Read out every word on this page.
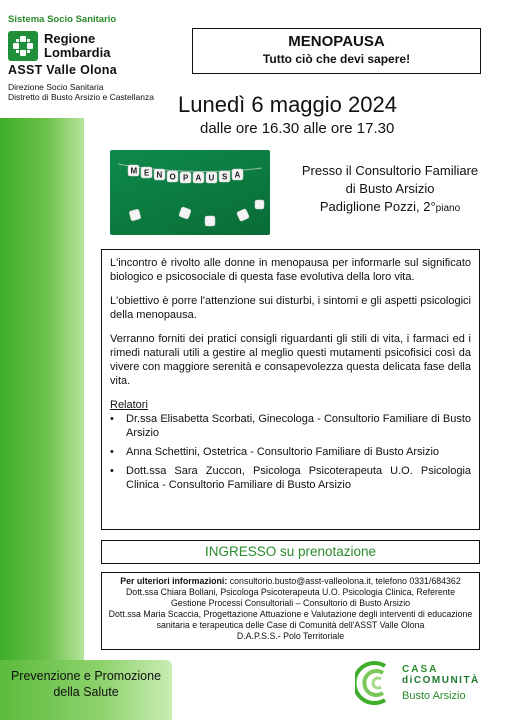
Sistema Socio Sanitario
Regione
Lombardia
ASST Valle Olona
Direzione Socio Sanitaria
Distretto di Busto Arsizio e Castellanza
MENOPAUSA
Tutto ciò che devi sapere!
Lunedì 6 maggio 2024
dalle ore 16.30 alle ore 17.30
M E N O P A U S A	Presso il Consultorio Familiare
di Busto Arsizio
Padiglione Pozzi, 2°piano

L'incontro è rivolto alle donne in menopausa per informarle sul significato biologico e psicosociale di questa fase evolutiva della loro vita.

L'obiettivo è porre l'attenzione sui disturbi, i sintomi e gli aspetti psicologici della menopausa.

Verranno forniti dei pratici consigli riguardanti gli stili di vita, i farmaci ed i rimedi naturali utili a gestire al meglio questi mutamenti psicofisici così da vivere con maggiore serenità e consapevolezza questa delicata fase della vita.

Relatori
•	Dr.ssa Elisabetta Scorbati, Ginecologa - Consultorio Familiare di Busto Arsizio
•	Anna Schettini, Ostetrica - Consultorio Familiare di Busto Arsizio
•	Dott.ssa Sara Zuccon, Psicologa Psicoterapeuta U.O. Psicologia Clinica - Consultorio Familiare di Busto Arsizio
INGRESSO su prenotazione
Per ulteriori informazioni: consultorio.busto@asst-valleolona.it, telefono 0331/684362
Dott.ssa Chiara Bollani, Psicologa Psicoterapeuta U.O. Psicologia Clinica, Referente Gestione Processi Consultoriali – Consultorio di Busto Arsizio
Dott.ssa Maria Scaccia, Progettazione Attuazione e Valutazione degli interventi di educazione sanitaria e terapeutica delle Case di Comunità dell'ASST Valle Olona
D.A.P.S.S.- Polo Territoriale
Prevenzione e Promozione
della Salute
CASA
diCOMUNITÀ
Busto Arsizio
